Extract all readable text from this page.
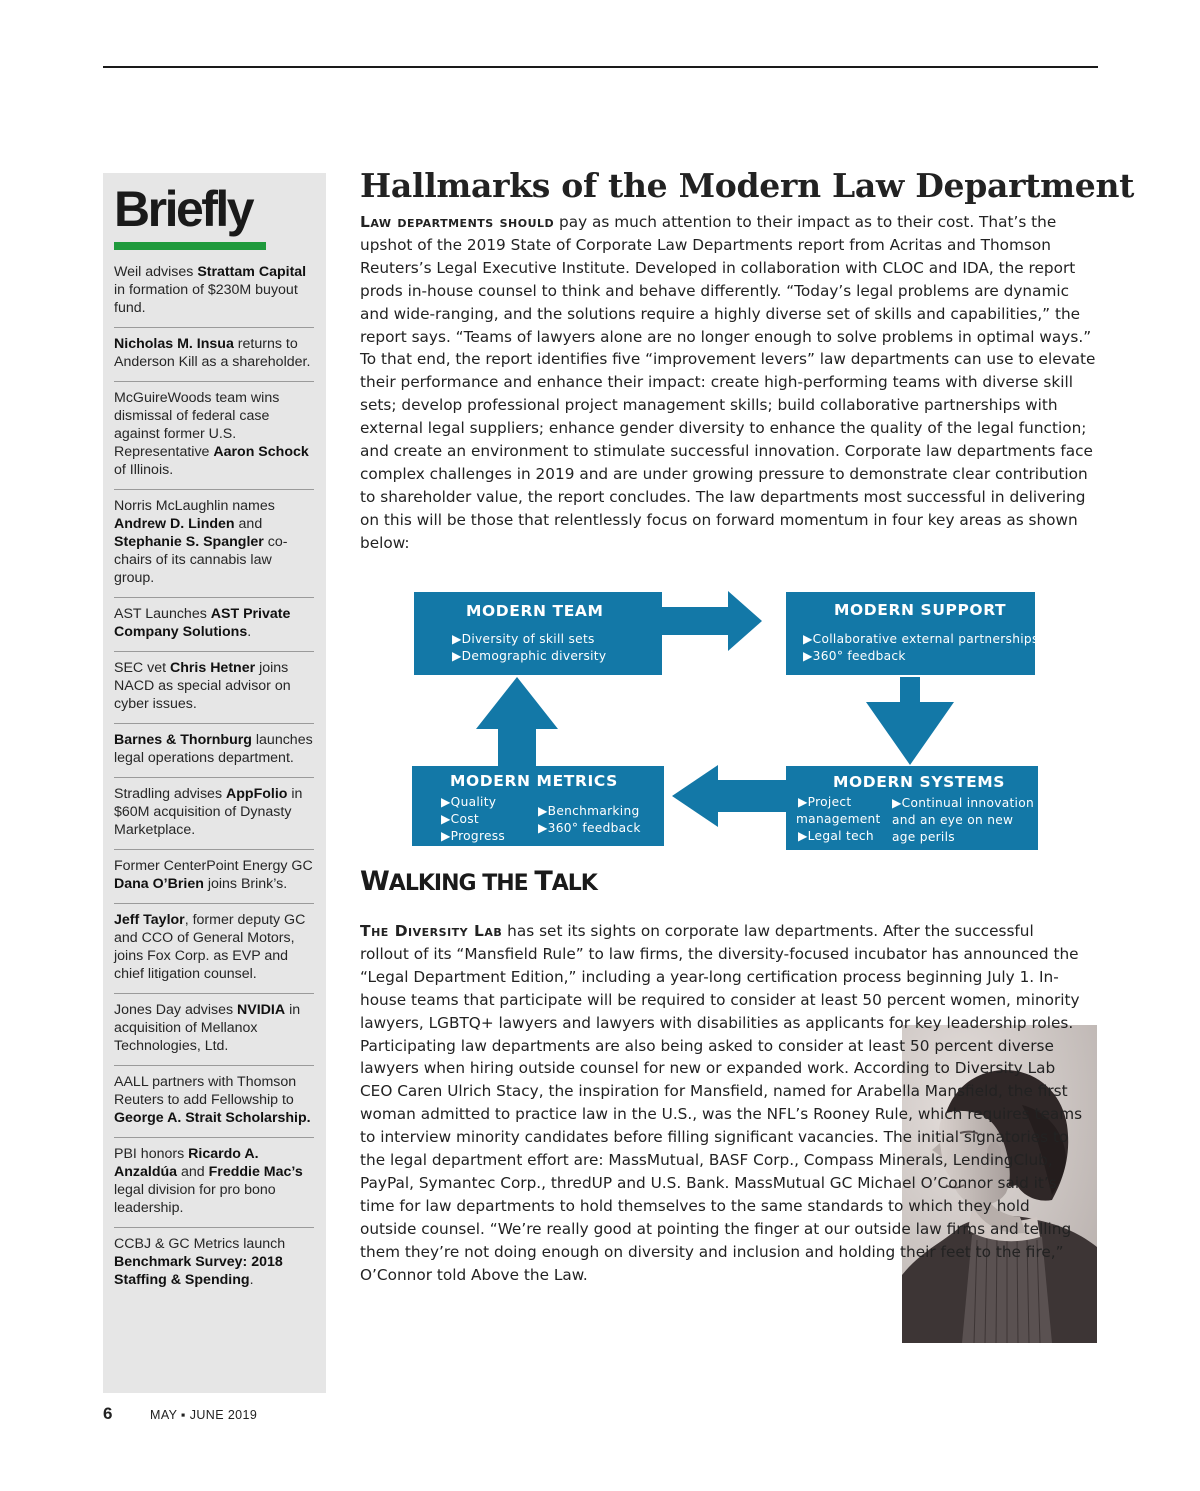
Briefly
Weil advises Strattam Capital in formation of $230M buyout fund.
Nicholas M. Insua returns to Anderson Kill as a shareholder.
McGuireWoods team wins dismissal of federal case against former U.S. Representative Aaron Schock of Illinois.
Norris McLaughlin names Andrew D. Linden and Stephanie S. Spangler co-chairs of its cannabis law group.
AST Launches AST Private Company Solutions.
SEC vet Chris Hetner joins NACD as special advisor on cyber issues.
Barnes & Thornburg launches legal operations department.
Stradling advises AppFolio in $60M acquisition of Dynasty Marketplace.
Former CenterPoint Energy GC Dana O’Brien joins Brink’s.
Jeff Taylor, former deputy GC and CCO of General Motors, joins Fox Corp. as EVP and chief litigation counsel.
Jones Day advises NVIDIA in acquisition of Mellanox Technologies, Ltd.
AALL partners with Thomson Reuters to add Fellowship to George A. Strait Scholarship.
PBI honors Ricardo A. Anzaldúa and Freddie Mac’s legal division for pro bono leadership.
CCBJ & GC Metrics launch Benchmark Survey: 2018 Staffing & Spending.
Hallmarks of the Modern Law Department

Law departments should pay as much attention to their impact as to their cost. That’s the upshot of the 2019 State of Corporate Law Departments report from Acritas and Thomson Reuters’s Legal Executive Institute. Developed in collaboration with CLOC and IDA, the report prods in-house counsel to think and behave differently. “Today’s legal problems are dynamic and wide-ranging, and the solutions require a highly diverse set of skills and capabilities,” the report says. “Teams of lawyers alone are no longer enough to solve problems in optimal ways.” To that end, the report identifies five “improvement levers” law departments can use to elevate their performance and enhance their impact: create high-performing teams with diverse skill sets; develop professional project management skills; build collaborative partnerships with external legal suppliers; enhance gender diversity to enhance the quality of the legal function; and create an environment to stimulate successful innovation. Corporate law departments face complex challenges in 2019 and are under growing pressure to demonstrate clear contribution to shareholder value, the report concludes. The law departments most successful in delivering on this will be those that relentlessly focus on forward momentum in four key areas as shown below:

MODERN TEAM
▶Diversity of skill sets
▶Demographic diversity
MODERN SUPPORT
▶Collaborative external partnerships
▶360° feedback
MODERN METRICS
▶Quality
▶Cost
▶Progress
▶Benchmarking
▶360° feedback
MODERN SYSTEMS
▶Project
management
▶Legal tech
▶Continual innovation
and an eye on new
age perils
WALKING THE TALK

The Diversity Lab has set its sights on corporate law departments. After the successful rollout of its “Mansfield Rule” to law firms, the diversity-focused incubator has announced the “Legal Department Edition,” including a year-long certification process beginning July 1. In-house teams that participate will be required to consider at least 50 percent women, minority lawyers, LGBTQ+ lawyers and lawyers with disabilities as applicants for key leadership roles. Participating law departments are also being asked to consider at least 50 percent diverse lawyers when hiring outside counsel for new or expanded work. According to Diversity Lab CEO Caren Ulrich Stacy, the inspiration for Mansfield, named for Arabella Mansfield, the first woman admitted to practice law in the U.S., was the NFL’s Rooney Rule, which requires teams to interview minority candidates before filling significant vacancies. The initial signatories to the legal department effort are: MassMutual, BASF Corp., Compass Minerals, LendingClub, PayPal, Symantec Corp., thredUP and U.S. Bank. MassMutual GC Michael O’Connor said it’s time for law departments to hold themselves to the same standards to which they hold outside counsel. “We’re really good at pointing the finger at our outside law firms and telling them they’re not doing enough on diversity and inclusion and holding their feet to the fire,” O’Connor told Above the Law.

6	MAY ▪ JUNE 2019
